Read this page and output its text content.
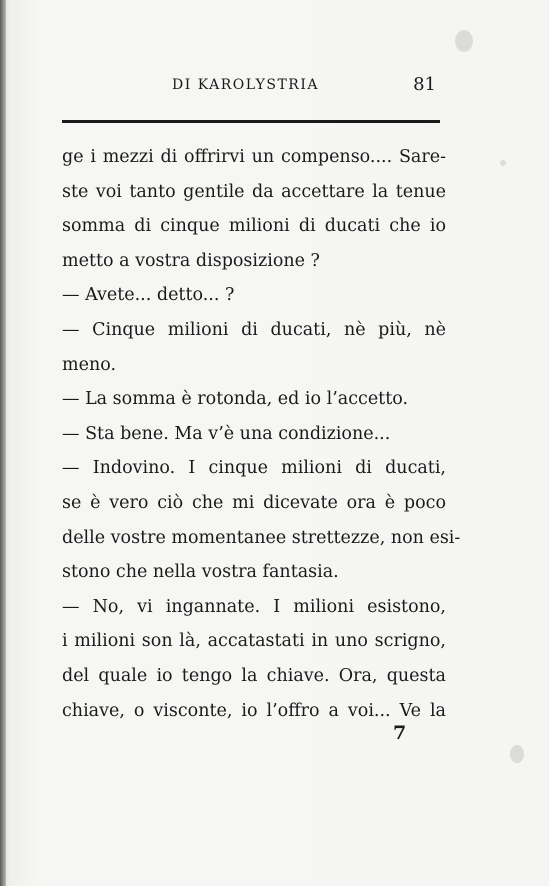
DI KAROLYSTRIA	81
ge i mezzi di offrirvi un compenso.... Sare-
ste voi tanto gentile da accettare la tenue
somma di cinque milioni di ducati che io
metto a vostra disposizione ?
— Avete... detto... ?
— Cinque milioni di ducati, nè più, nè
meno.
— La somma è rotonda, ed io l’accetto.
— Sta bene. Ma v’è una condizione...
— Indovino. I cinque milioni di ducati,
se è vero ciò che mi dicevate ora è poco
delle vostre momentanee strettezze, non esi-
stono che nella vostra fantasia.
— No, vi ingannate. I milioni esistono,
i milioni son là, accatastati in uno scrigno,
del quale io tengo la chiave. Ora, questa
chiave, o visconte, io l’offro a voi... Ve la
7
